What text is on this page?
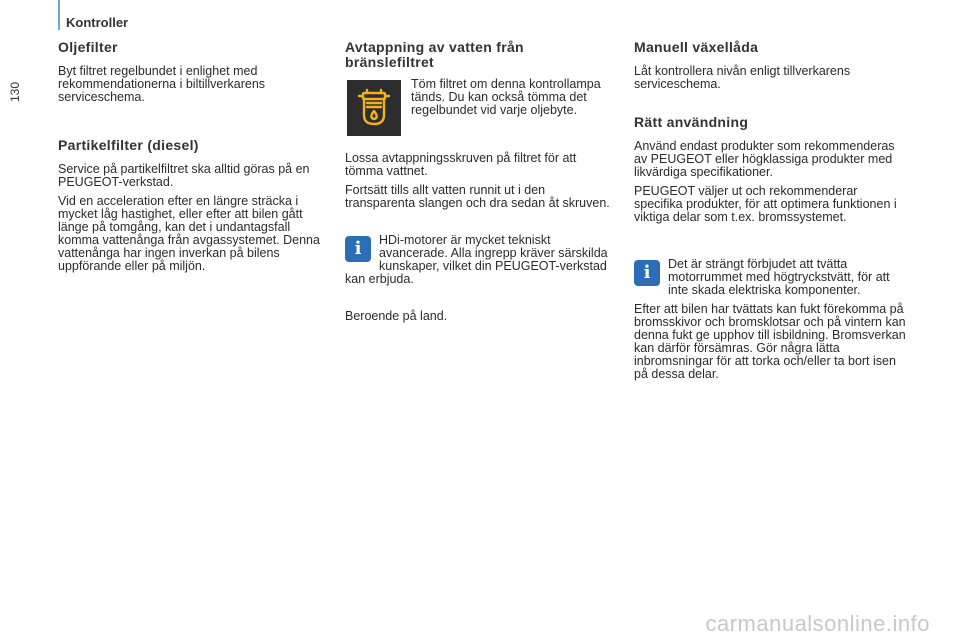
Kontroller
130
Oljefilter

Byt filtret regelbundet i enlighet med rekommendationerna i biltillverkarens serviceschema.

Partikelfilter (diesel)

Service på partikelfiltret ska alltid göras på en PEUGEOT-verkstad.

Vid en acceleration efter en längre sträcka i mycket låg hastighet, eller efter att bilen gått länge på tomgång, kan det i undantagsfall komma vattenånga från avgassystemet. Denna vattenånga har ingen inverkan på bilens uppförande eller på miljön.

Avtappning av vatten från bränslefiltret

Töm filtret om denna kontrollampa tänds. Du kan också tömma det regelbundet vid varje oljebyte.

Lossa avtappningsskruven på filtret för att tömma vattnet.

Fortsätt tills allt vatten runnit ut i den transparenta slangen och dra sedan åt skruven.

i	HDi-motorer är mycket tekniskt avancerade. Alla ingrepp kräver särskilda kunskaper, vilket din PEUGEOT-verkstad kan erbjuda.

Beroende på land.

Manuell växellåda

Låt kontrollera nivån enligt tillverkarens serviceschema.

Rätt användning

Använd endast produkter som rekommenderas av PEUGEOT eller högklassiga produkter med likvärdiga specifikationer.

PEUGEOT väljer ut och rekommenderar specifika produkter, för att optimera funktionen i viktiga delar som t.ex. bromssystemet.

i	Det är strängt förbjudet att tvätta motorrummet med högtryckstvätt, för att inte skada elektriska komponenter.

Efter att bilen har tvättats kan fukt förekomma på bromsskivor och bromsklotsar och på vintern kan denna fukt ge upphov till isbildning. Bromsverkan kan därför försämras. Gör några lätta inbromsningar för att torka och/eller ta bort isen på dessa delar.

carmanualsonline.info
